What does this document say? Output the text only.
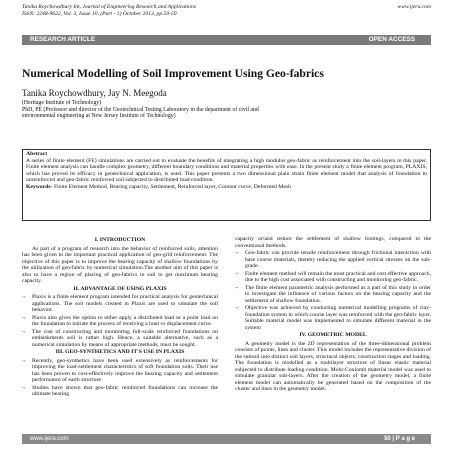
Tanika Roychowdhury Int. Journal of Engineering Research and Applications	www.ijera.com
ISSN: 2248-9622, Vol. 3, Issue 10, (Part - 1) October 2013, pp.50-59
RESEARCH ARTICLE	OPEN ACCESS
Numerical Modelling of Soil Improvement Using Geo-fabrics
Tanika Roychowdhury, Jay N. Meegoda
(Heritage Institute of Technology)
PhD, PE (Professor and director of the Geotechnical Testing Laboratory in the department of civil and
environmental engineering at New Jersey Institute of Technology)
Abstract
A series of finite element (FE) simulations are carried out to evaluate the benefits of integrating a high modulus geo-fabric as reinforcement into the soil-layers in this paper. Finite element analysis can handle complex geometry, different boundary conditions and material properties with ease. In the present study a finite element program, PLAXIS, which has proved its efficacy in geotechnical application, is used. This paper presents a two dimensional plain strain finite element model that analysis of foundation in unreinforced and geo-fabric reinforced soil subjected to distributed load condition.
Keywords- Finite Element Method, Bearing capacity, Settlement, Reinforced layer, Contour curve, Deformed Mesh
I. INTRODUCTION
As part of a program of research into the behavior of reinforced soils, attention has been given to the important practical application of geo-grid reinforcement. The objective of this paper is to improve the bearing capacity of shallow foundations by the utilization of geo-fabric by numerical simulation.The another aim of this paper is also to have a region of placing of geo-fabrics in soil to get maximum bearing capacity.
II. ADVANTAGE OF USING PLAXIS
¬ Plaxis is a finite element program intended for practical analysis for geotechnical applications. The soil models created in Plaxis are used to simulate the soil behavior.
¬ Plaxis also gives the option to either apply a distributed load or a point load on the foundation to initiate the process of receiving a load vs displacement curve.
¬ The cost of constructing and monitoring full-scale reinforced foundations on embankments soil is rather high. Hence, a suitable alternative, such as a numerical simulation by means of appropriate methods, must be sought.
III. GEO-SYNTHETICS AND IT'S USE IN PLAXIS
¬ Recently, geo-synthetics have been used extensively as reinforcements for improving the load-settlement characteristics of soft foundation soils. Their use has been proven to cost-effectively improve the bearing capacity and settlement performance of earth structure
¬ Studies have shown that geo-fabric reinforced foundations can increase the ultimate bearing
capacity or/and reduce the settlement of shallow footings, compared to the conventional methods.
¬ Geo-fabric can provide tensile reinforcement through frictional interaction with base course materials, thereby reducing the applied vertical stresses on the sub-grade.
¬ Finite element method will remain the most practical and cost effective approach, due to the high cost associated with constructing and monitoring geo-fabric.
¬ The finite element parametric analysis performed as a part of this study in order to investigate the influence of various factors on the bearing capacity and the settlement of shallow foundation.
¬ Objective was achieved by conducting numerical modelling programs of clay-foundation system in which course layer was reinforced with the geo-fabric layer. Suitable material model was implemented to simulate different material in the system
IV. GEOMETRIC MODEL
A geometry model is the 2D representation of the three-dimensional problem consists of points, lines and cluster. This model includes the representative division of the subsoil into distinct soil layers, structural objects, construction stages and loading. The foundation is modelled as a multilayer structure of linear elastic material subjected to distribute loading condition. Mohr-Coulomb material model was used to simulate granular sub-layers. After the creation of the geometry model, a finite element model can automatically be generated based on the composition of the cluster and lines in the geometry model.
www.ijera.com	50 | P a g e
